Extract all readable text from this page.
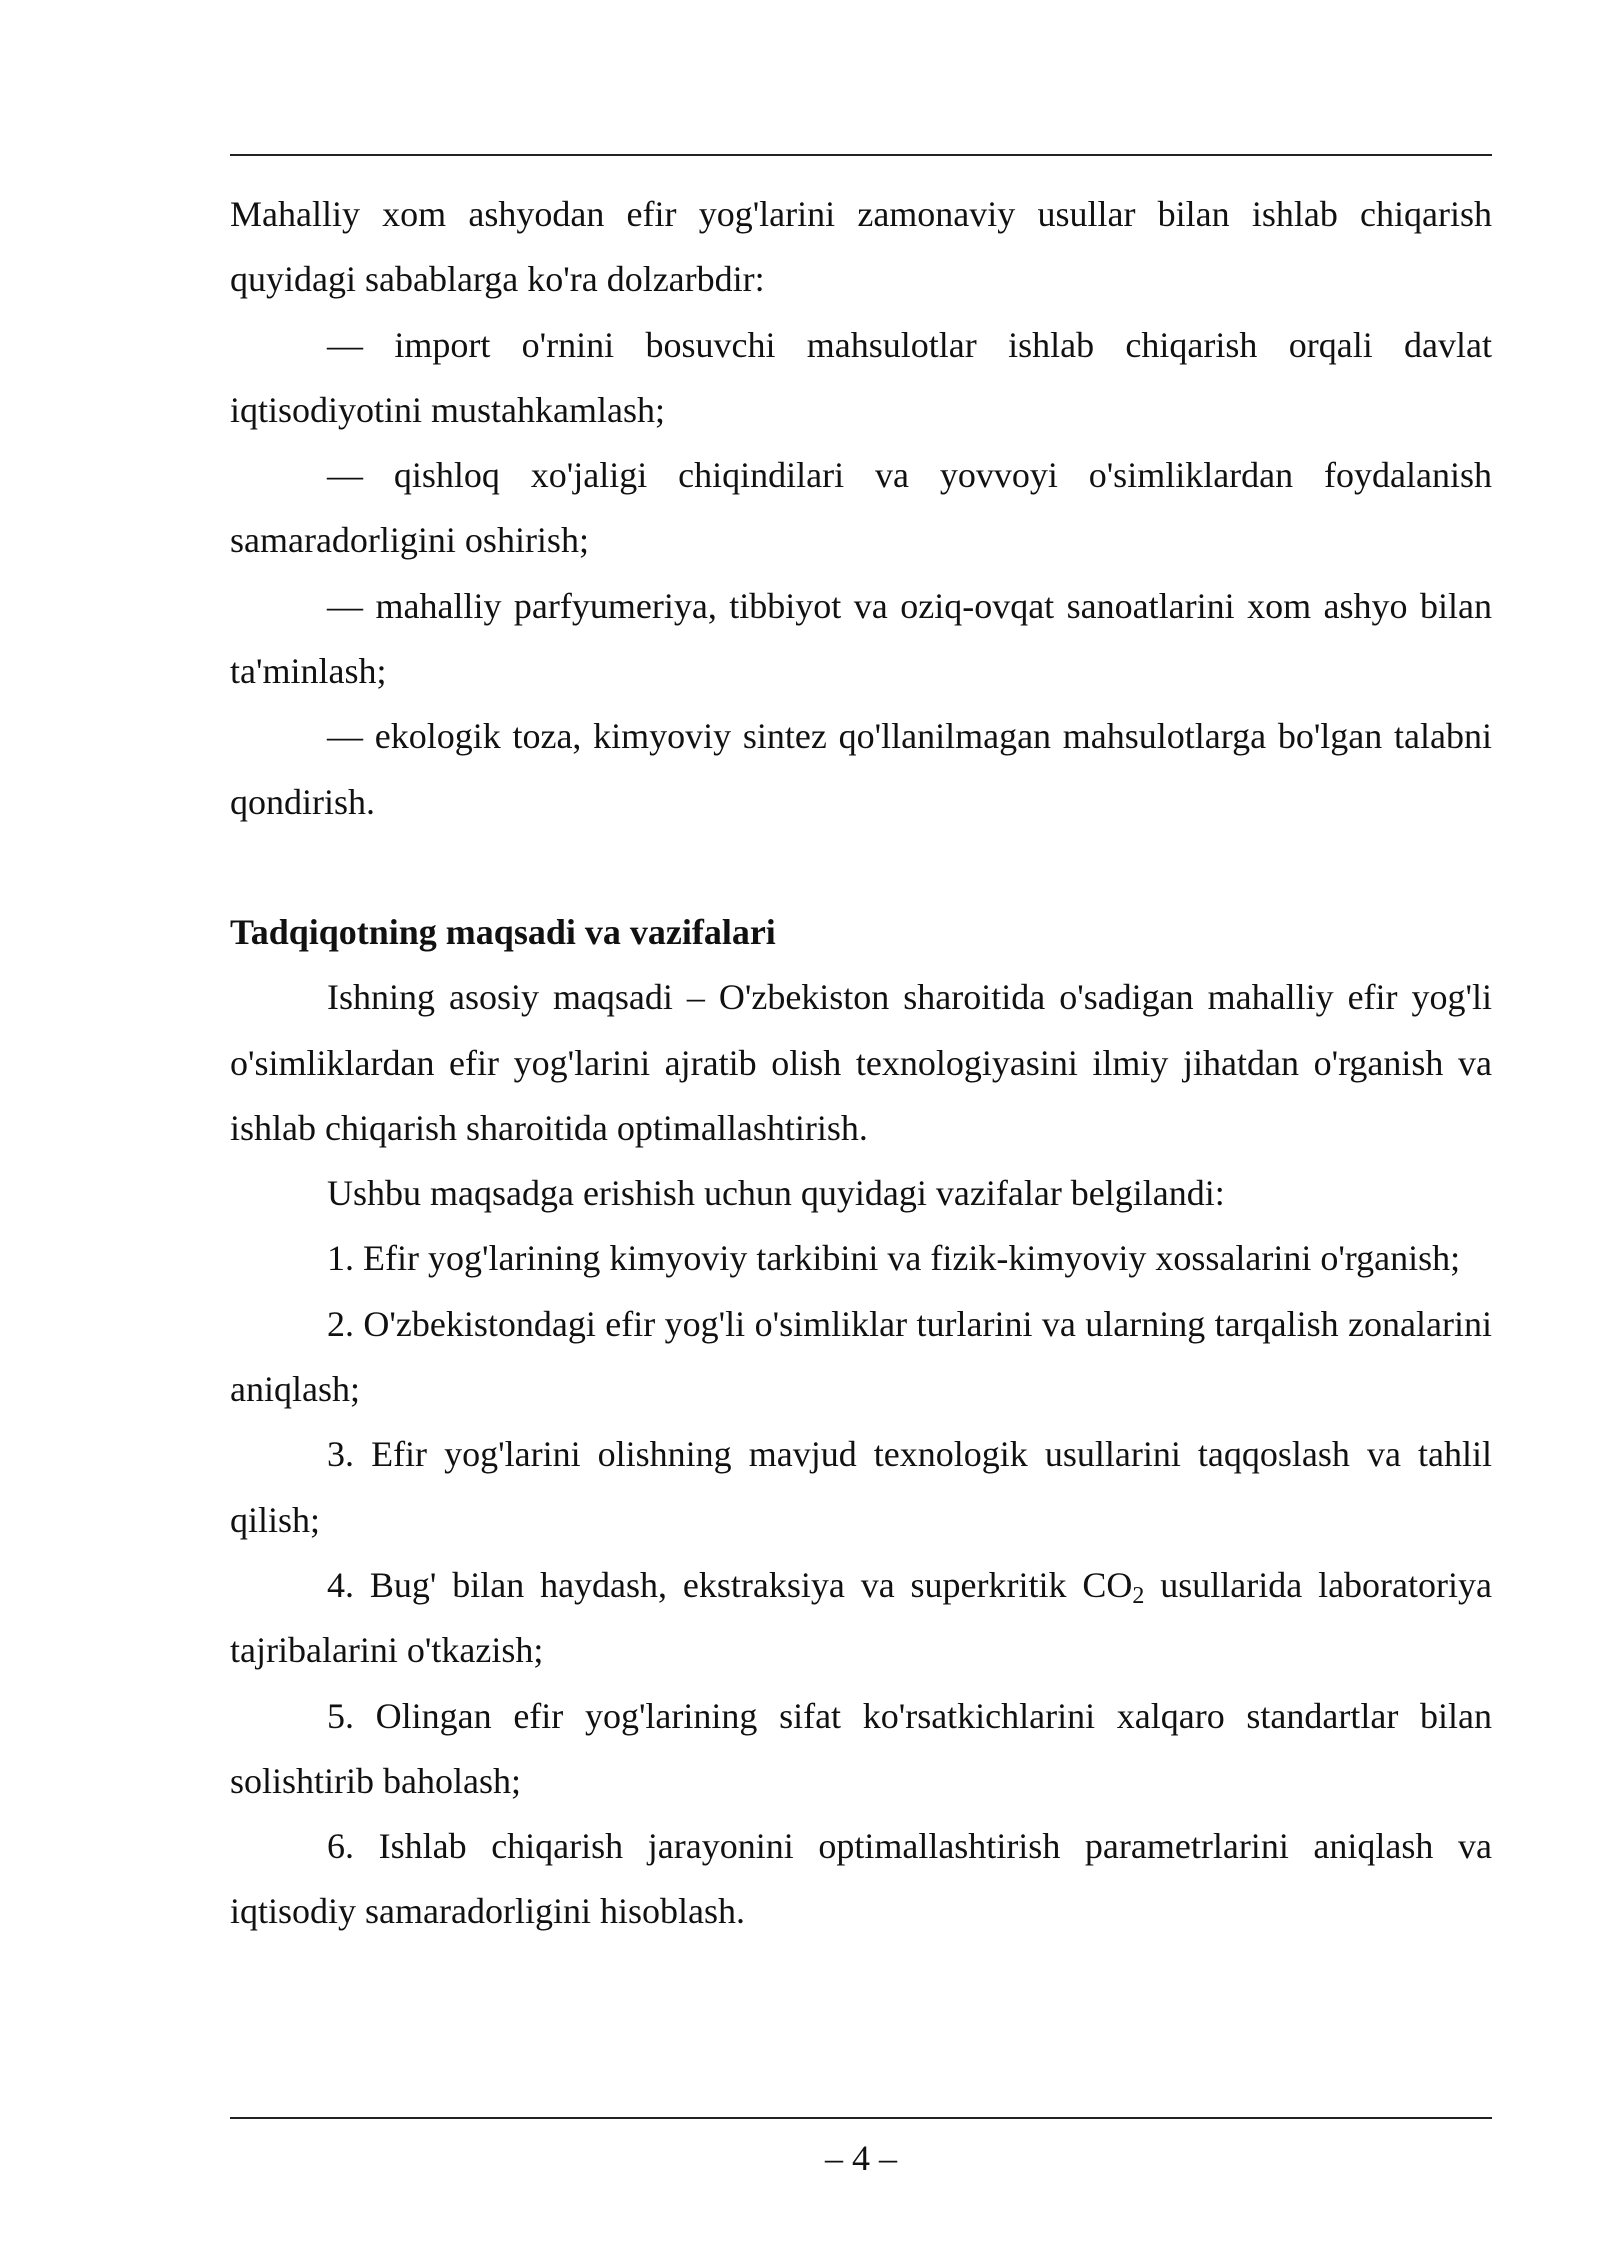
Mahalliy xom ashyodan efir yog'larini zamonaviy usullar bilan ishlab chiqarish quyidagi sabablarga ko'ra dolzarbdir:

— import o'rnini bosuvchi mahsulotlar ishlab chiqarish orqali davlat iqtisodiyotini mustahkamlash;

— qishloq xo'jaligi chiqindilari va yovvoyi o'simliklardan foydalanish samaradorligini oshirish;

— mahalliy parfyumeriya, tibbiyot va oziq-ovqat sanoatlarini xom ashyo bilan ta'minlash;

— ekologik toza, kimyoviy sintez qo'llanilmagan mahsulotlarga bo'lgan talabni qondirish.

Tadqiqotning maqsadi va vazifalari

Ishning asosiy maqsadi – O'zbekiston sharoitida o'sadigan mahalliy efir yog'li o'simliklardan efir yog'larini ajratib olish texnologiyasini ilmiy jihatdan o'rganish va ishlab chiqarish sharoitida optimallashtirish.

Ushbu maqsadga erishish uchun quyidagi vazifalar belgilandi:

1. Efir yog'larining kimyoviy tarkibini va fizik-kimyoviy xossalarini o'rganish;

2. O'zbekistondagi efir yog'li o'simliklar turlarini va ularning tarqalish zonalarini aniqlash;

3. Efir yog'larini olishning mavjud texnologik usullarini taqqoslash va tahlil qilish;

4. Bug' bilan haydash, ekstraksiya va superkritik $CO_2$ usullarida laboratoriya tajribalarini o'tkazish;

5. Olingan efir yog'larining sifat ko'rsatkichlarini xalqaro standartlar bilan solishtirib baholash;

6. Ishlab chiqarish jarayonini optimallashtirish parametrlarini aniqlash va iqtisodiy samaradorligini hisoblash.

– 4 –
